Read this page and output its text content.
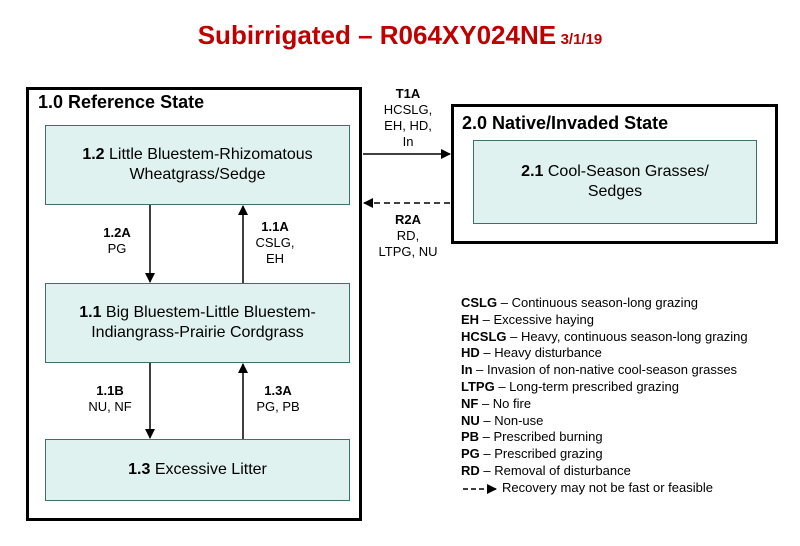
Subirrigated – R064XY024NE 3/1/19
1.0 Reference State
2.0 Native/Invaded State
1.2 Little Bluestem-Rhizomatous
Wheatgrass/Sedge
1.1 Big Bluestem-Little Bluestem-
Indiangrass-Prairie Cordgrass
1.3 Excessive Litter
2.1 Cool-Season Grasses/
Sedges
1.2A
PG
1.1A
CSLG,
EH
1.1B
NU, NF
1.3A
PG, PB
T1A
HCSLG,
EH, HD,
In
R2A
RD,
LTPG, NU
CSLG – Continuous season-long grazing
EH – Excessive haying
HCSLG – Heavy, continuous season-long grazing
HD – Heavy disturbance
In – Invasion of non-native cool-season grasses
LTPG – Long-term prescribed grazing
NF – No fire
NU – Non-use
PB – Prescribed burning
PG – Prescribed grazing
RD – Removal of disturbance
Recovery may not be fast or feasible
